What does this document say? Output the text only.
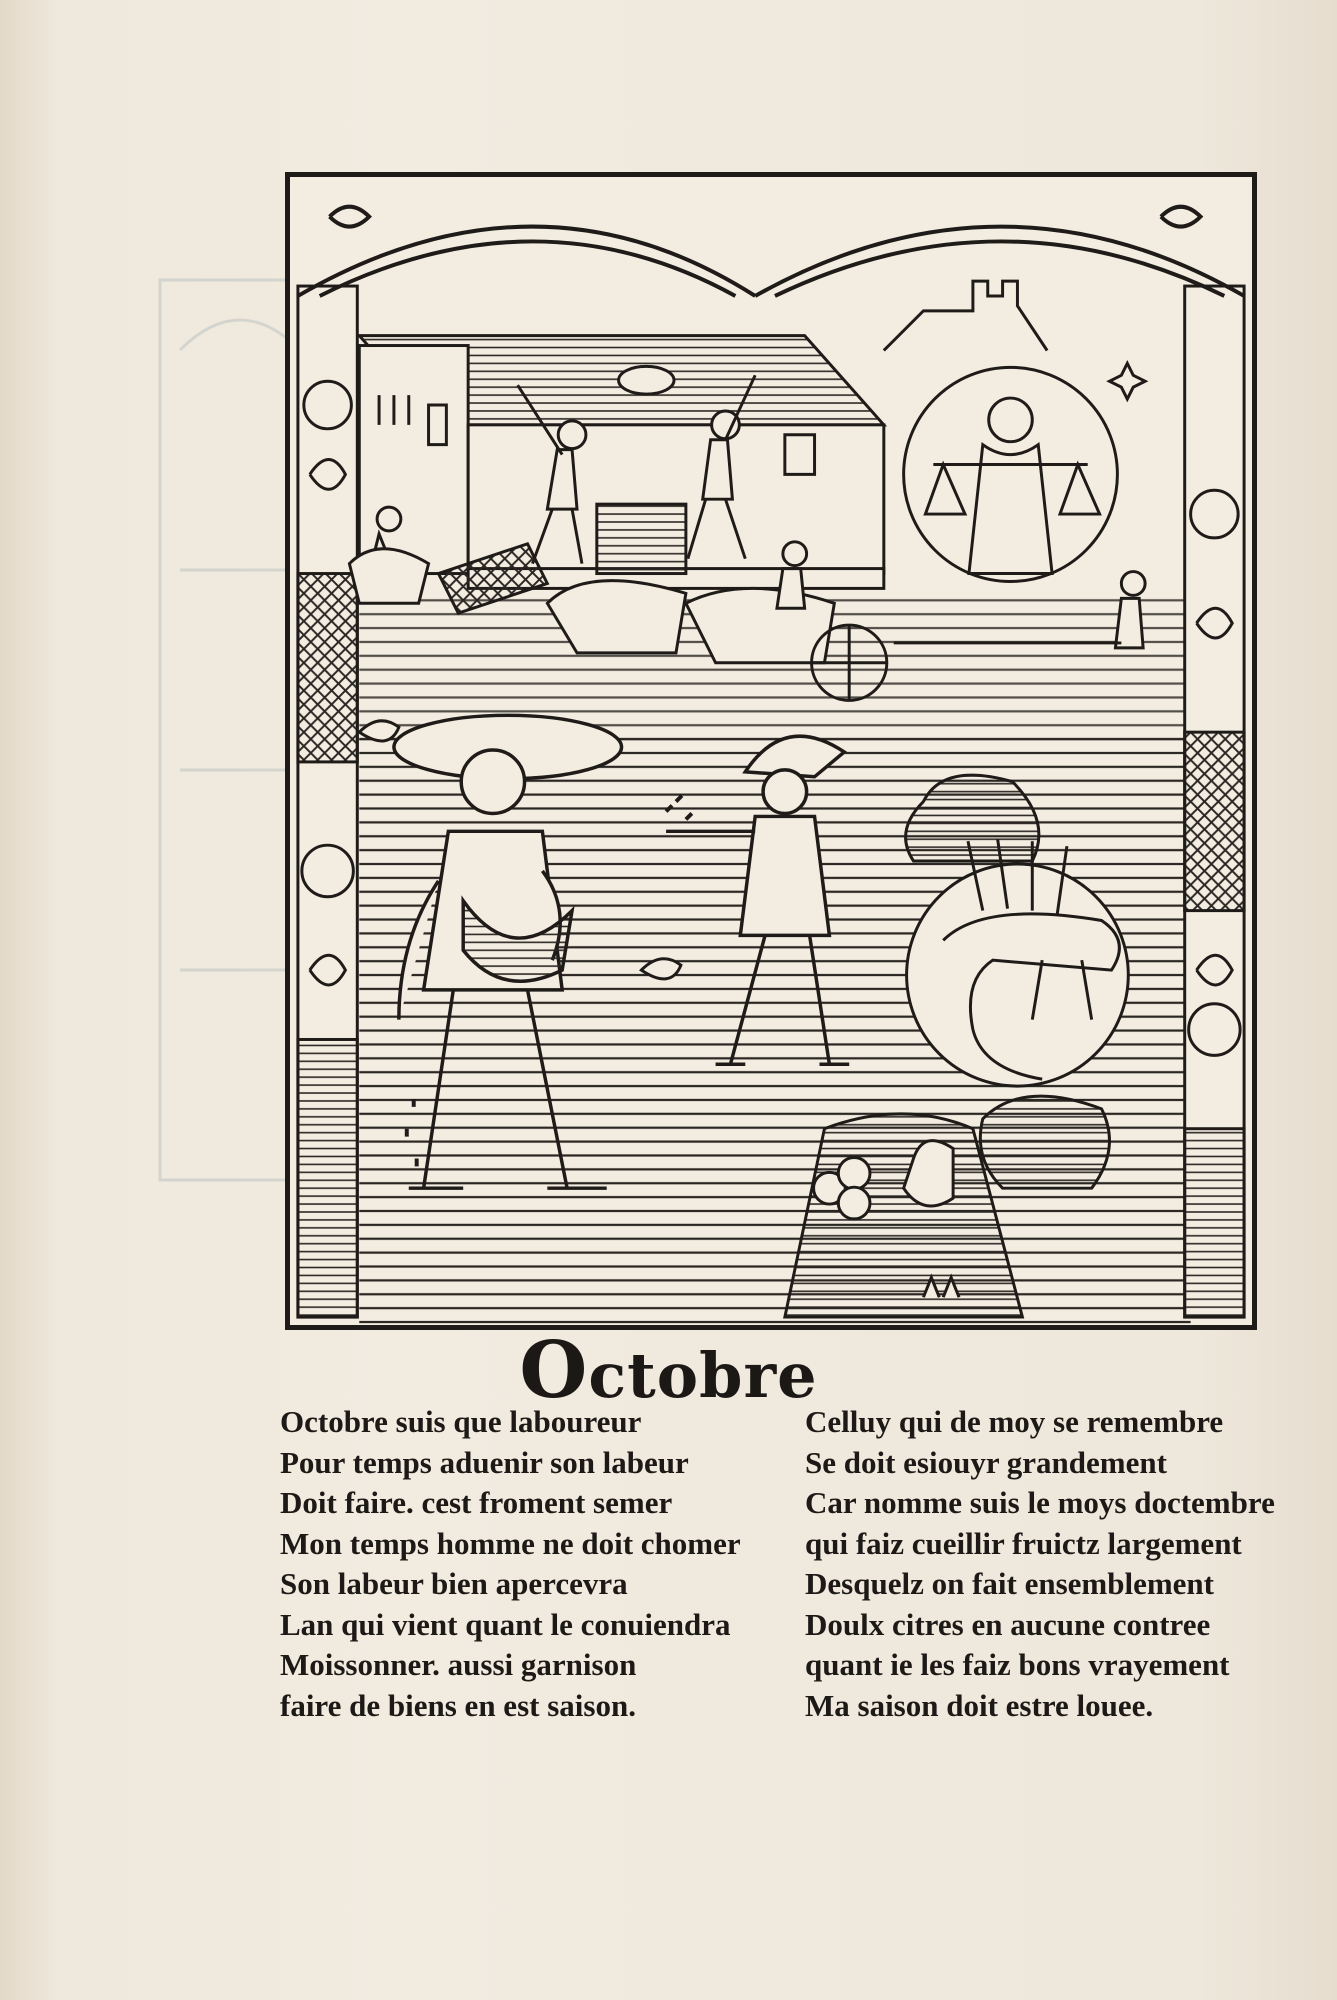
Octobre
Octobre suis que laboureur
Pour temps aduenir son labeur
Doit faire. cest froment semer
Mon temps homme ne doit chomer
Son labeur bien apercevra
Lan qui vient quant le conuiendra
Moissonner. aussi garnison
faire de biens en est saison.
Celluy qui de moy se remembre
Se doit esiouyr grandement
Car nomme suis le moys doctembre
qui faiz cueillir fruictz largement
Desquelz on fait ensemblement
Doulx citres en aucune contree
quant ie les faiz bons vrayement
Ma saison doit estre louee.
